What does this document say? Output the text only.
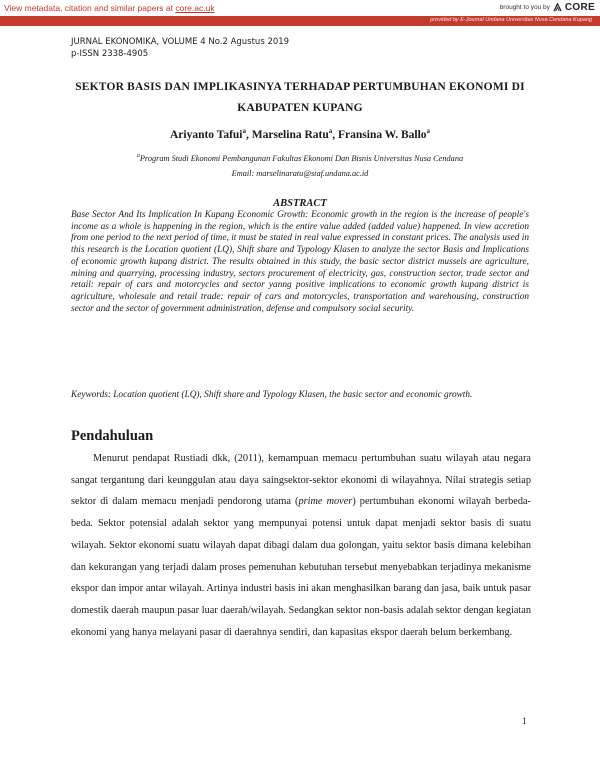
View metadata, citation and similar papers at core.ac.uk	brought to you by CORE
provided by E-Journal Undana Universitas Nusa Cendana Kupang
JURNAL EKONOMIKA, VOLUME 4 No.2 Agustus 2019
p-ISSN 2338-4905
SEKTOR BASIS DAN IMPLIKASINYA TERHADAP PERTUMBUHAN EKONOMI DI
KABUPATEN KUPANG
Ariyanto Tafui$^a$, Marselina Ratu$^a$, Fransina W. Ballo$^a$
$^a$Program Studi Ekonomi Pembangunan Fakultas Ekonomi Dan Bisnis Universitas Nusa Cendana
Email: marselinaratu@staf.undana.ac.id
ABSTRACT
Base Sector And Its Implication In Kupang Economic Growth: Economic growth in the region is the increase of people's income as a whole is happening in the region, which is the entire value added (added value) happened. In view accretion from one period to the next period of time, it must be stated in real value expressed in constant prices. The analysis used in this research is the Location quotient (LQ), Shift share and Typology Klasen to analyze the sector Basis and Implications of economic growth kupang district. The results obtained in this study, the basic sector district mussels are agriculture, mining and quarrying, processing industry, sectors procurement of electricity, gas, construction sector, trade sector and retail: repair of cars and motorcycles and sector yanng positive implications to economic growth kupang district is agriculture, wholesale and retail trade: repair of cars and motorcycles, transportation and warehousing, construction sector and the sector of government administration, defense and compulsory social security.
Keywords: Location quotient (LQ), Shift share and Typology Klasen, the basic sector and economic growth.
Pendahuluan
Menurut pendapat Rustiadi dkk, (2011), kemampuan memacu pertumbuhan suatu wilayah atau negara sangat tergantung dari keunggulan atau daya saingsektor-sektor ekonomi di wilayahnya. Nilai strategis setiap sektor di dalam memacu menjadi pendorong utama (prime mover) pertumbuhan ekonomi wilayah berbeda-beda. Sektor potensial adalah sektor yang mempunyai potensi untuk dapat menjadi sektor basis di suatu wilayah. Sektor ekonomi suatu wilayah dapat dibagi dalam dua golongan, yaitu sektor basis dimana kelebihan dan kekurangan yang terjadi dalam proses pemenuhan kebutuhan tersebut menyebabkan terjadinya mekanisme ekspor dan impor antar wilayah. Artinya industri basis ini akan menghasilkan barang dan jasa, baik untuk pasar domestik daerah maupun pasar luar daerah/wilayah. Sedangkan sektor non-basis adalah sektor dengan kegiatan ekonomi yang hanya melayani pasar di daerahnya sendiri, dan kapasitas ekspor daerah belum berkembang.
1
